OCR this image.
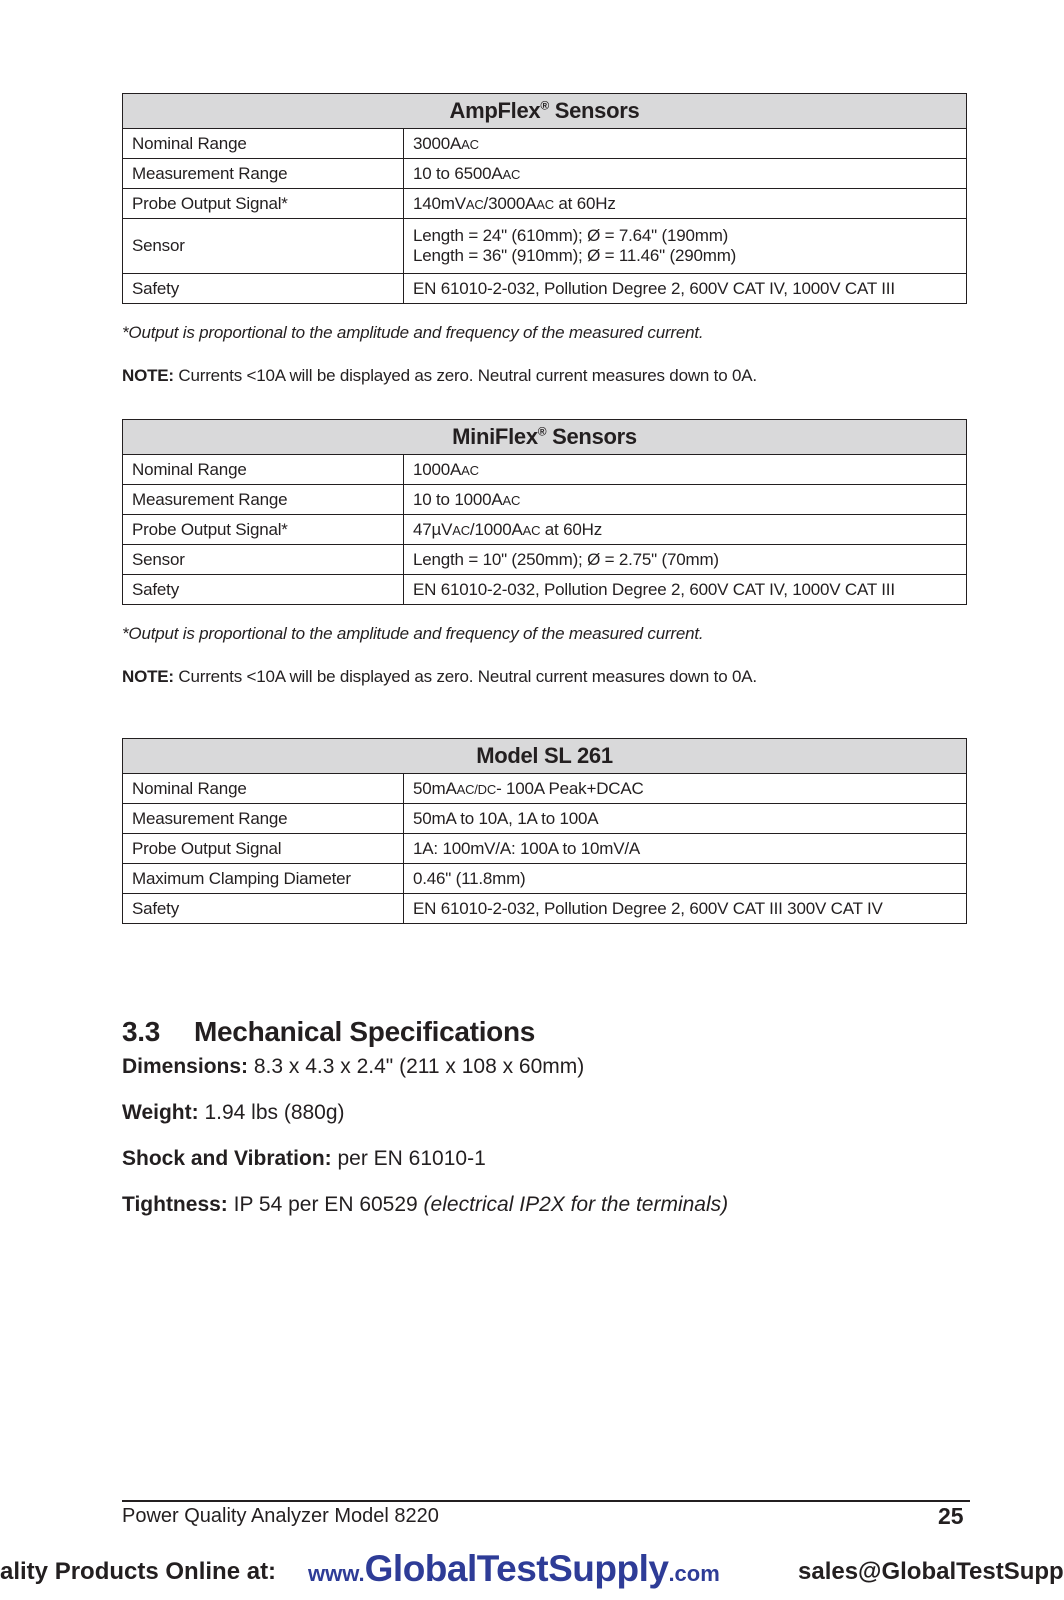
AmpFlex® Sensors	
Nominal Range	3000AAC
Measurement Range	10 to 6500AAC
Probe Output Signal*	140mVAC/3000AAC at 60Hz
Sensor	Length = 24" (610mm); Ø = 7.64" (190mm)
Length = 36" (910mm); Ø = 11.46" (290mm)

Safety	EN 61010-2-032, Pollution Degree 2, 600V CAT IV, 1000V CAT III
*Output is proportional to the amplitude and frequency of the measured current.
NOTE: Currents <10A will be displayed as zero. Neutral current measures down to 0A.
MiniFlex® Sensors	
Nominal Range	1000AAC
Measurement Range	10 to 1000AAC
Probe Output Signal*	47µVAC/1000AAC at 60Hz
Sensor	Length = 10" (250mm); Ø = 2.75" (70mm)
Safety	EN 61010-2-032, Pollution Degree 2, 600V CAT IV, 1000V CAT III
*Output is proportional to the amplitude and frequency of the measured current.
NOTE: Currents <10A will be displayed as zero. Neutral current measures down to 0A.
Model SL 261	
Nominal Range	50mAAC/DC- 100A Peak+DCAC
Measurement Range	50mA to 10A, 1A to 100A
Probe Output Signal	1A: 100mV/A: 100A to 10mV/A
Maximum Clamping Diameter	0.46" (11.8mm)
Safety	EN 61010-2-032, Pollution Degree 2, 600V CAT III 300V CAT IV
3.3 Mechanical Specifications
Dimensions: 8.3 x 4.3 x 2.4" (211 x 108 x 60mm)
Weight: 1.94 lbs (880g)
Shock and Vibration: per EN 61010-1
Tightness: IP 54 per EN 60529 (electrical IP2X for the terminals)
Power Quality Analyzer Model 8220	25
ality Products Online at: www.GlobalTestSupply.com	sales@GlobalTestSupp
